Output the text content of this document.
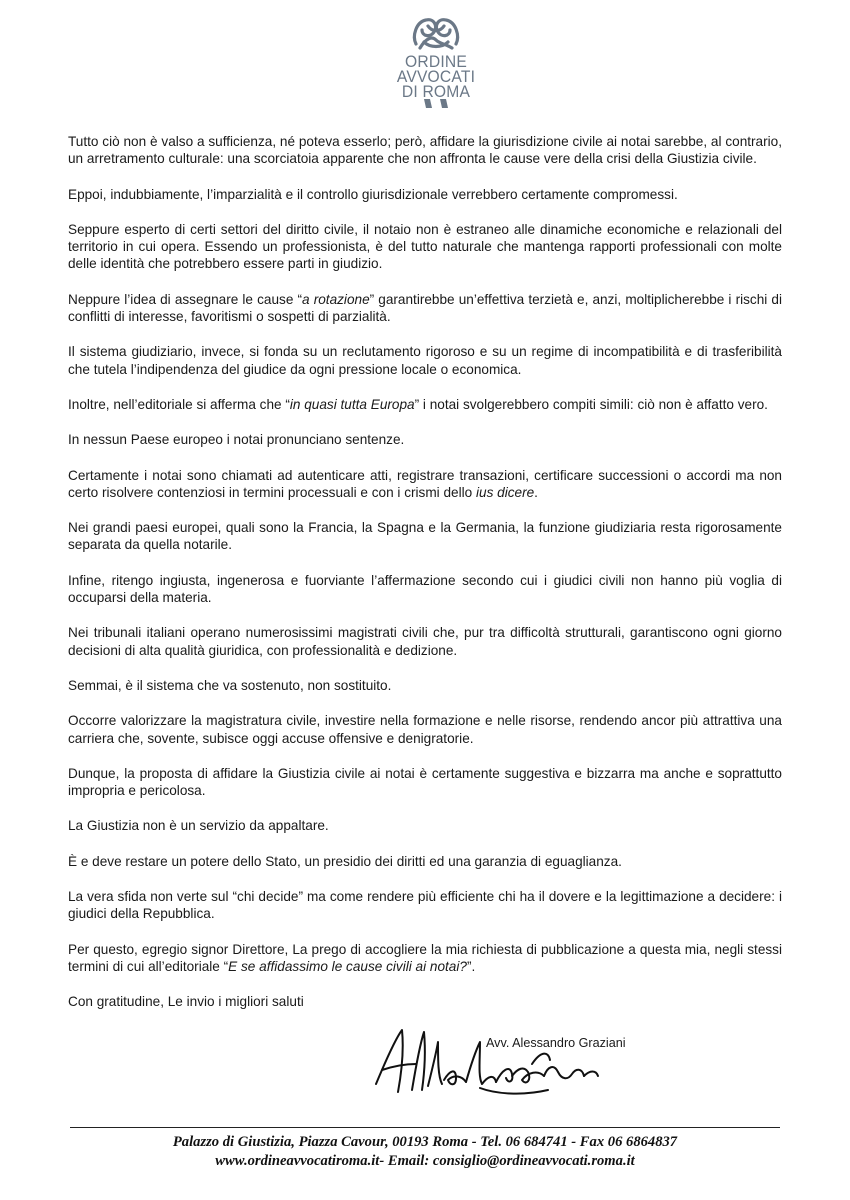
ORDINE
AVVOCATI
DI ROMA

Tutto ciò non è valso a sufficienza, né poteva esserlo; però, affidare la giurisdizione civile ai notai sarebbe, al contrario, un arretramento culturale: una scorciatoia apparente che non affronta le cause vere della crisi della Giustizia civile.

Eppoi, indubbiamente, l’imparzialità e il controllo giurisdizionale verrebbero certamente compromessi.

Seppure esperto di certi settori del diritto civile, il notaio non è estraneo alle dinamiche economiche e relazionali del territorio in cui opera. Essendo un professionista, è del tutto naturale che mantenga rapporti professionali con molte delle identità che potrebbero essere parti in giudizio.

Neppure l’idea di assegnare le cause “a rotazione” garantirebbe un’effettiva terzietà e, anzi, moltiplicherebbe i rischi di conflitti di interesse, favoritismi o sospetti di parzialità.

Il sistema giudiziario, invece, si fonda su un reclutamento rigoroso e su un regime di incompatibilità e di trasferibilità che tutela l’indipendenza del giudice da ogni pressione locale o economica.

Inoltre, nell’editoriale si afferma che “in quasi tutta Europa” i notai svolgerebbero compiti simili: ciò non è affatto vero.

In nessun Paese europeo i notai pronunciano sentenze.

Certamente i notai sono chiamati ad autenticare atti, registrare transazioni, certificare successioni o accordi ma non certo risolvere contenziosi in termini processuali e con i crismi dello ius dicere.

Nei grandi paesi europei, quali sono la Francia, la Spagna e la Germania, la funzione giudiziaria resta rigorosamente separata da quella notarile.

Infine, ritengo ingiusta, ingenerosa e fuorviante l’affermazione secondo cui i giudici civili non hanno più voglia di occuparsi della materia.

Nei tribunali italiani operano numerosissimi magistrati civili che, pur tra difficoltà strutturali, garantiscono ogni giorno decisioni di alta qualità giuridica, con professionalità e dedizione.

Semmai, è il sistema che va sostenuto, non sostituito.

Occorre valorizzare la magistratura civile, investire nella formazione e nelle risorse, rendendo ancor più attrattiva una carriera che, sovente, subisce oggi accuse offensive e denigratorie.

Dunque, la proposta di affidare la Giustizia civile ai notai è certamente suggestiva e bizzarra ma anche e soprattutto impropria e pericolosa.

La Giustizia non è un servizio da appaltare.

È e deve restare un potere dello Stato, un presidio dei diritti ed una garanzia di eguaglianza.

La vera sfida non verte sul “chi decide” ma come rendere più efficiente chi ha il dovere e la legittimazione a decidere: i giudici della Repubblica.

Per questo, egregio signor Direttore, La prego di accogliere la mia richiesta di pubblicazione a questa mia, negli stessi termini di cui all’editoriale “E se affidassimo le cause civili ai notai?”.

Con gratitudine, Le invio i migliori saluti

Avv. Alessandro Graziani
Palazzo di Giustizia, Piazza Cavour, 00193 Roma - Tel. 06 684741 - Fax 06 6864837
www.ordineavvocatiroma.it- Email: consiglio@ordineavvocati.roma.it
